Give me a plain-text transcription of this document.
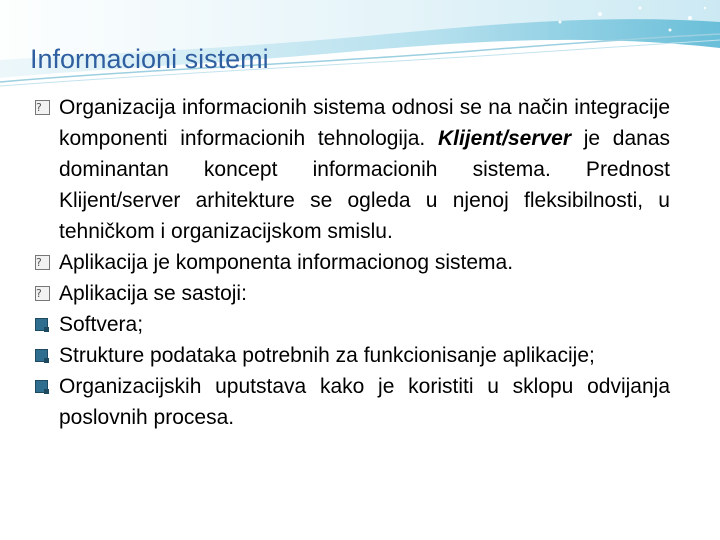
Informacioni sistemi
? Organizacija informacionih sistema odnosi se na način integracije komponenti informacionih tehnologija. Klijent/server je danas dominantan koncept informacionih sistema. Prednost Klijent/server arhitekture se ogleda u njenoj fleksibilnosti, u tehničkom i organizacijskom smislu.
? Aplikacija je komponenta informacionog sistema.
? Aplikacija se sastoji:
Softvera;
Strukture podataka potrebnih za funkcionisanje aplikacije;
Organizacijskih uputstava kako je koristiti u sklopu odvijanja poslovnih procesa.
